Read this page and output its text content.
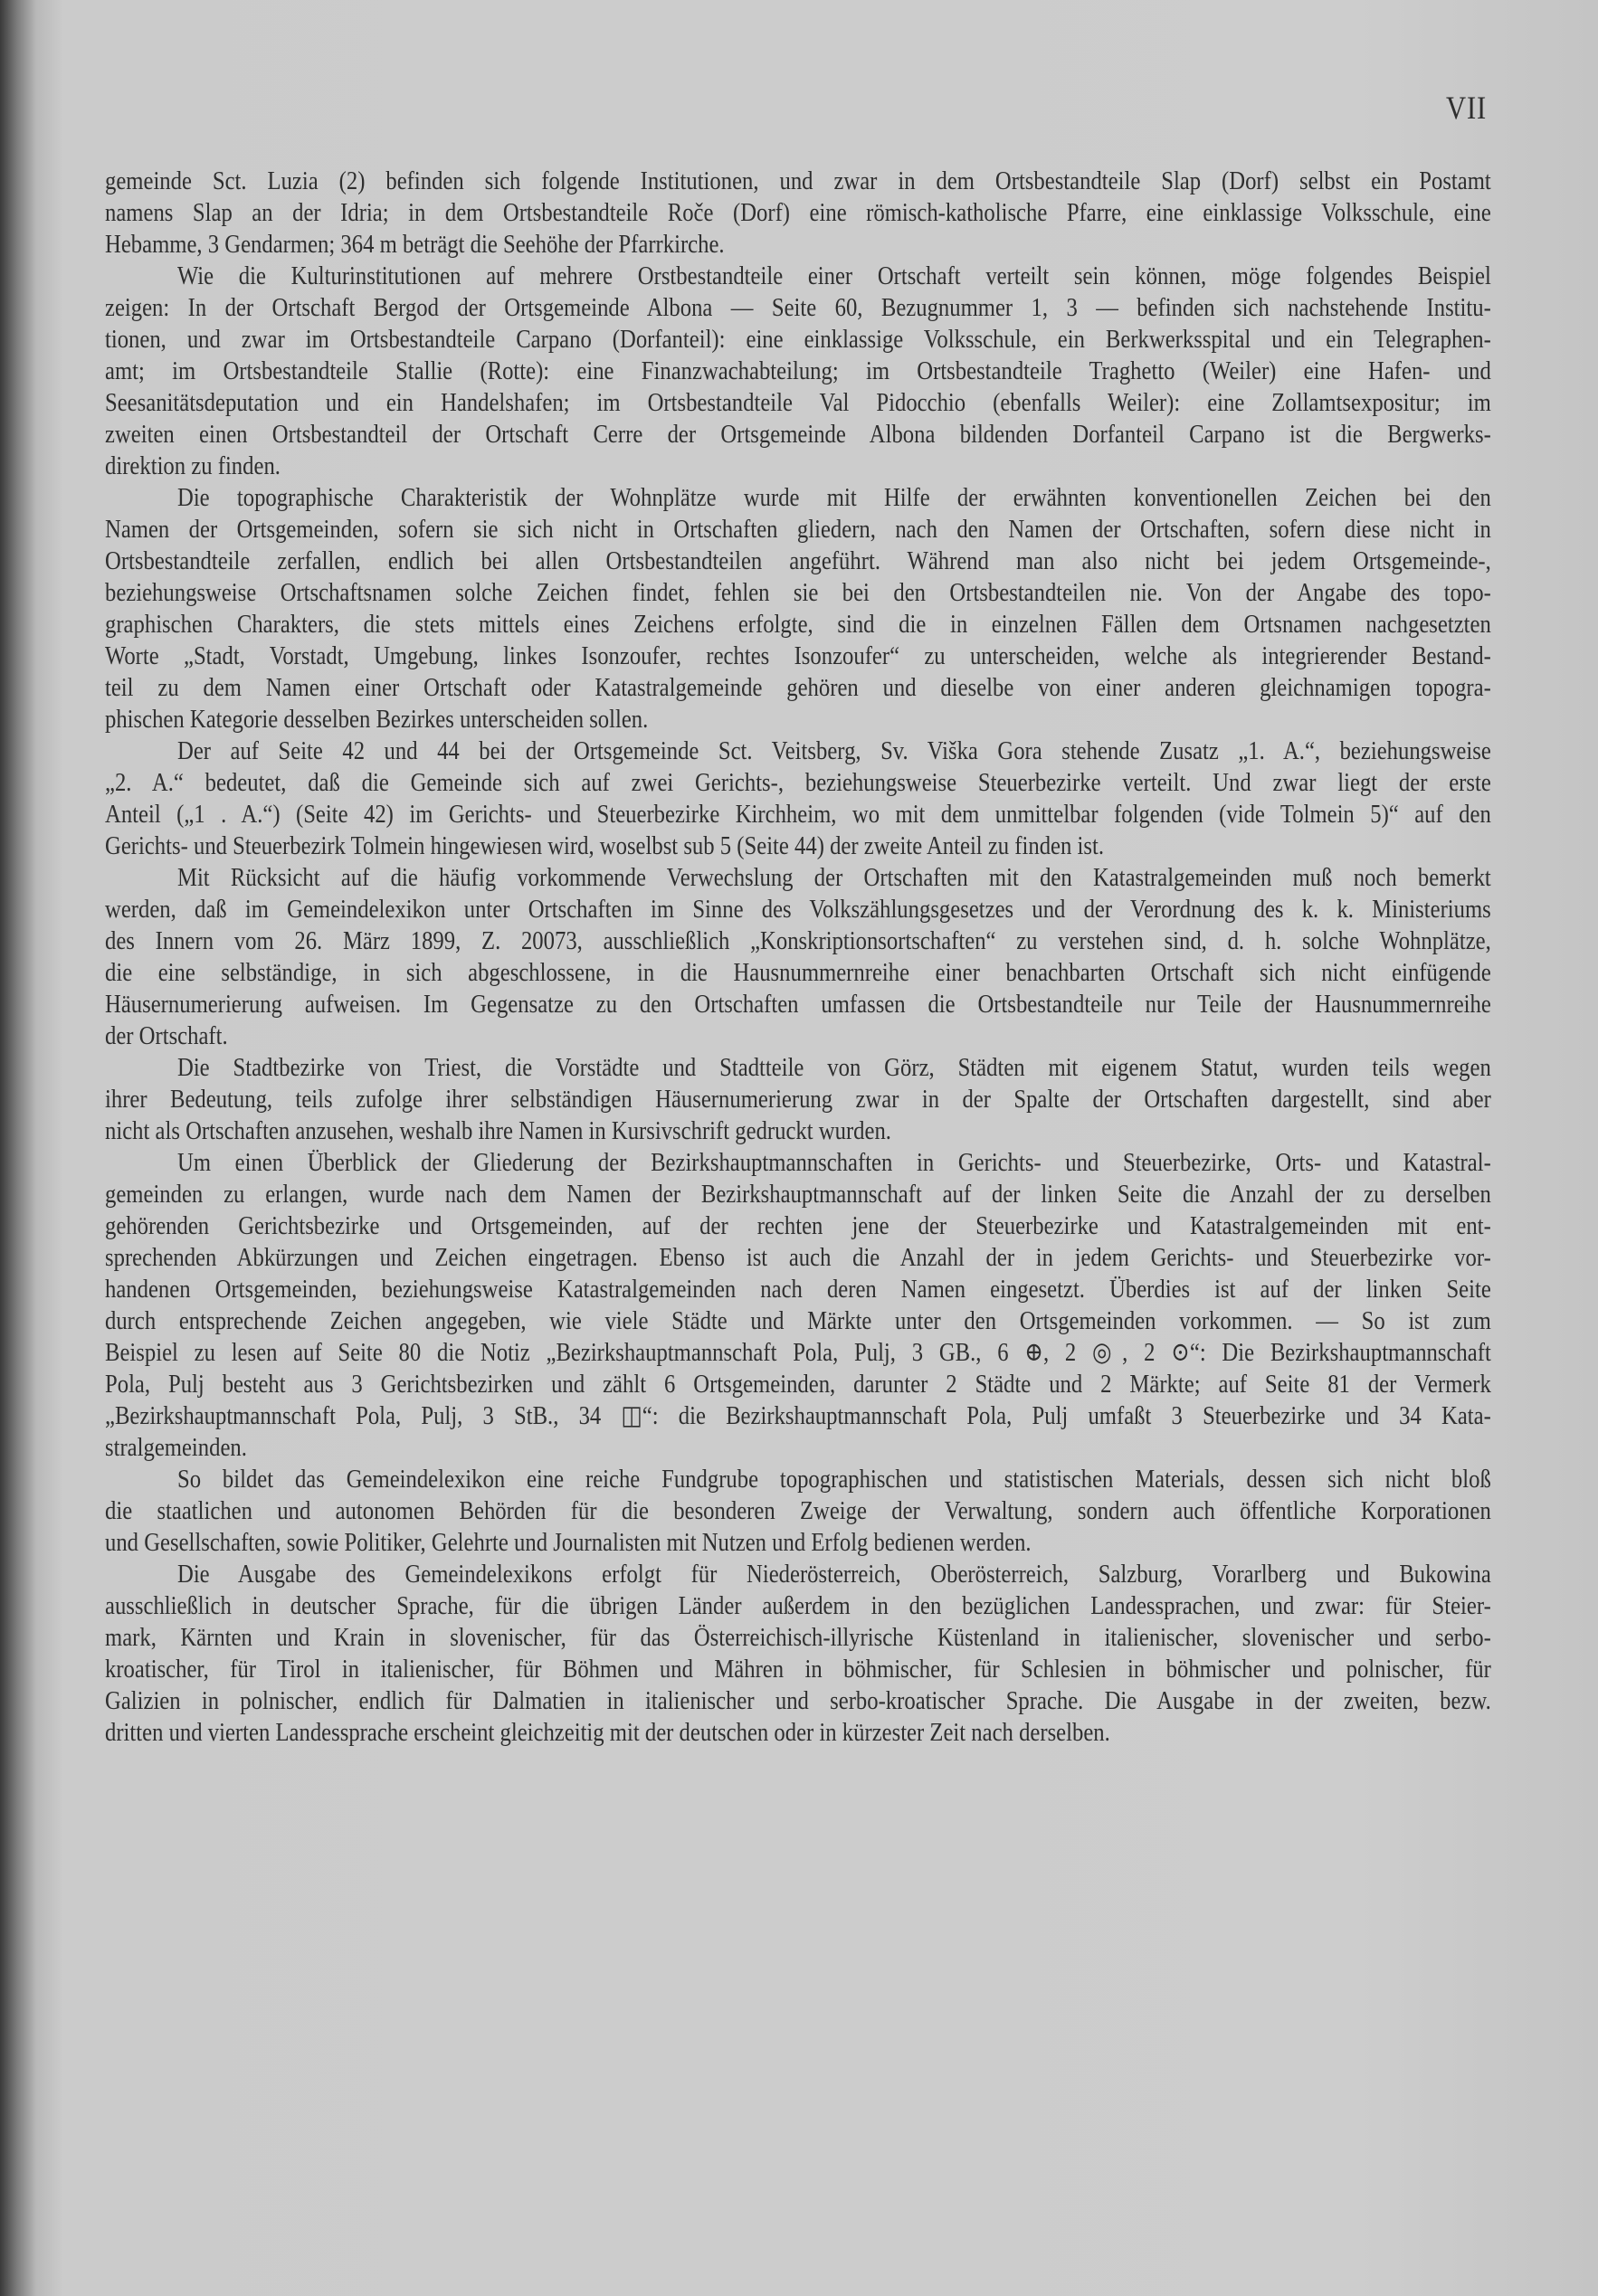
VII
gemeinde Sct. Luzia (2) befinden sich folgende Institutionen, und zwar in dem Ortsbestandteile Slap (Dorf) selbst ein Postamt
namens Slap an der Idria; in dem Ortsbestandteile Roče (Dorf) eine römisch-katholische Pfarre, eine einklassige Volksschule, eine
Hebamme, 3 Gendarmen; 364 m beträgt die Seehöhe der Pfarrkirche.
Wie die Kulturinstitutionen auf mehrere Orstbestandteile einer Ortschaft verteilt sein können, möge folgendes Beispiel
zeigen: In der Ortschaft Bergod der Ortsgemeinde Albona — Seite 60, Bezugnummer 1, 3 — befinden sich nachstehende Institu-
tionen, und zwar im Ortsbestandteile Carpano (Dorfanteil): eine einklassige Volksschule, ein Berkwerksspital und ein Telegraphen-
amt; im Ortsbestandteile Stallie (Rotte): eine Finanzwachabteilung; im Ortsbestandteile Traghetto (Weiler) eine Hafen- und
Seesanitätsdeputation und ein Handelshafen; im Ortsbestandteile Val Pidocchio (ebenfalls Weiler): eine Zollamtsexpositur; im
zweiten einen Ortsbestandteil der Ortschaft Cerre der Ortsgemeinde Albona bildenden Dorfanteil Carpano ist die Bergwerks-
direktion zu finden.
Die topographische Charakteristik der Wohnplätze wurde mit Hilfe der erwähnten konventionellen Zeichen bei den
Namen der Ortsgemeinden, sofern sie sich nicht in Ortschaften gliedern, nach den Namen der Ortschaften, sofern diese nicht in
Ortsbestandteile zerfallen, endlich bei allen Ortsbestandteilen angeführt. Während man also nicht bei jedem Ortsgemeinde-,
beziehungsweise Ortschaftsnamen solche Zeichen findet, fehlen sie bei den Ortsbestandteilen nie. Von der Angabe des topo-
graphischen Charakters, die stets mittels eines Zeichens erfolgte, sind die in einzelnen Fällen dem Ortsnamen nachgesetzten
Worte „Stadt, Vorstadt, Umgebung, linkes Isonzoufer, rechtes Isonzoufer“ zu unterscheiden, welche als integrierender Bestand-
teil zu dem Namen einer Ortschaft oder Katastralgemeinde gehören und dieselbe von einer anderen gleichnamigen topogra-
phischen Kategorie desselben Bezirkes unterscheiden sollen.
Der auf Seite 42 und 44 bei der Ortsgemeinde Sct. Veitsberg, Sv. Viška Gora stehende Zusatz „1. A.“, beziehungsweise
„2. A.“ bedeutet, daß die Gemeinde sich auf zwei Gerichts-, beziehungsweise Steuerbezirke verteilt. Und zwar liegt der erste
Anteil („1 . A.“) (Seite 42) im Gerichts- und Steuerbezirke Kirchheim, wo mit dem unmittelbar folgenden (vide Tolmein 5)“ auf den
Gerichts- und Steuerbezirk Tolmein hingewiesen wird, woselbst sub 5 (Seite 44) der zweite Anteil zu finden ist.
Mit Rücksicht auf die häufig vorkommende Verwechslung der Ortschaften mit den Katastralgemeinden muß noch bemerkt
werden, daß im Gemeindelexikon unter Ortschaften im Sinne des Volkszählungsgesetzes und der Verordnung des k. k. Ministeriums
des Innern vom 26. März 1899, Z. 20073, ausschließlich „Konskriptionsortschaften“ zu verstehen sind, d. h. solche Wohnplätze,
die eine selbständige, in sich abgeschlossene, in die Hausnummernreihe einer benachbarten Ortschaft sich nicht einfügende
Häusernumerierung aufweisen. Im Gegensatze zu den Ortschaften umfassen die Ortsbestandteile nur Teile der Hausnummernreihe
der Ortschaft.
Die Stadtbezirke von Triest, die Vorstädte und Stadtteile von Görz, Städten mit eigenem Statut, wurden teils wegen
ihrer Bedeutung, teils zufolge ihrer selbständigen Häusernumerierung zwar in der Spalte der Ortschaften dargestellt, sind aber
nicht als Ortschaften anzusehen, weshalb ihre Namen in Kursivschrift gedruckt wurden.
Um einen Überblick der Gliederung der Bezirkshauptmannschaften in Gerichts- und Steuerbezirke, Orts- und Katastral-
gemeinden zu erlangen, wurde nach dem Namen der Bezirkshauptmannschaft auf der linken Seite die Anzahl der zu derselben
gehörenden Gerichtsbezirke und Ortsgemeinden, auf der rechten jene der Steuerbezirke und Katastralgemeinden mit ent-
sprechenden Abkürzungen und Zeichen eingetragen. Ebenso ist auch die Anzahl der in jedem Gerichts- und Steuerbezirke vor-
handenen Ortsgemeinden, beziehungsweise Katastralgemeinden nach deren Namen eingesetzt. Überdies ist auf der linken Seite
durch entsprechende Zeichen angegeben, wie viele Städte und Märkte unter den Ortsgemeinden vorkommen. — So ist zum
Beispiel zu lesen auf Seite 80 die Notiz „Bezirkshauptmannschaft Pola, Pulj, 3 GB., 6 ⊕, 2 ◎, 2 ⊙“: Die Bezirkshauptmannschaft
Pola, Pulj besteht aus 3 Gerichtsbezirken und zählt 6 Ortsgemeinden, darunter 2 Städte und 2 Märkte; auf Seite 81 der Vermerk
„Bezirkshauptmannschaft Pola, Pulj, 3 StB., 34 ◫“: die Bezirkshauptmannschaft Pola, Pulj umfaßt 3 Steuerbezirke und 34 Kata-
stralgemeinden.
So bildet das Gemeindelexikon eine reiche Fundgrube topographischen und statistischen Materials, dessen sich nicht bloß
die staatlichen und autonomen Behörden für die besonderen Zweige der Verwaltung, sondern auch öffentliche Korporationen
und Gesellschaften, sowie Politiker, Gelehrte und Journalisten mit Nutzen und Erfolg bedienen werden.
Die Ausgabe des Gemeindelexikons erfolgt für Niederösterreich, Oberösterreich, Salzburg, Vorarlberg und Bukowina
ausschließlich in deutscher Sprache, für die übrigen Länder außerdem in den bezüglichen Landessprachen, und zwar: für Steier-
mark, Kärnten und Krain in slovenischer, für das Österreichisch-illyrische Küstenland in italienischer, slovenischer und serbo-
kroatischer, für Tirol in italienischer, für Böhmen und Mähren in böhmischer, für Schlesien in böhmischer und polnischer, für
Galizien in polnischer, endlich für Dalmatien in italienischer und serbo-kroatischer Sprache. Die Ausgabe in der zweiten, bezw.
dritten und vierten Landessprache erscheint gleichzeitig mit der deutschen oder in kürzester Zeit nach derselben.
